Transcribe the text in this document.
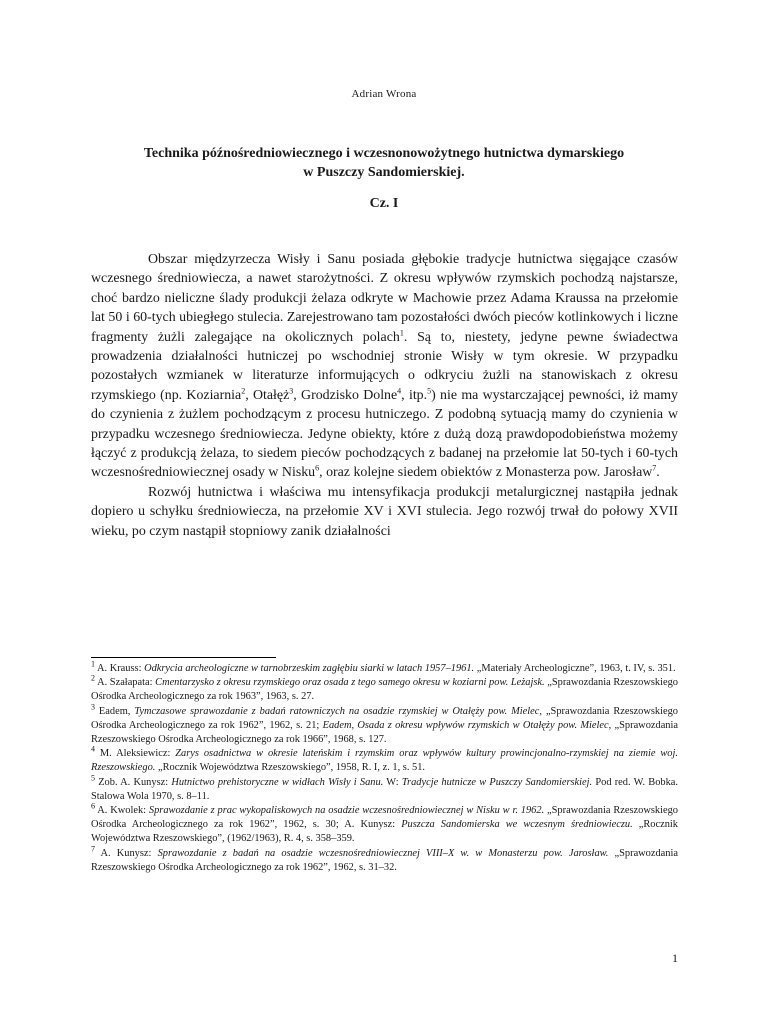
Adrian Wrona
Technika późnośredniowiecznego i wczesnonowożytnego hutnictwa dymarskiego
w Puszczy Sandomierskiej.
Cz. I

Obszar międzyrzecza Wisły i Sanu posiada głębokie tradycje hutnictwa sięgające czasów wczesnego średniowiecza, a nawet starożytności. Z okresu wpływów rzymskich pochodzą najstarsze, choć bardzo nieliczne ślady produkcji żelaza odkryte w Machowie przez Adama Kraussa na przełomie lat 50 i 60-tych ubiegłego stulecia. Zarejestrowano tam pozostałości dwóch pieców kotlinkowych i liczne fragmenty żużli zalegające na okolicznych polach$^1$. Są to, niestety, jedyne pewne świadectwa prowadzenia działalności hutniczej po wschodniej stronie Wisły w tym okresie. W przypadku pozostałych wzmianek w literaturze informujących o odkryciu żużli na stanowiskach z okresu rzymskiego (np. Koziarnia$^2$, Otałęż$^3$, Grodzisko Dolne$^4$, itp.$^5$) nie ma wystarczającej pewności, iż mamy do czynienia z żużlem pochodzącym z procesu hutniczego. Z podobną sytuacją mamy do czynienia w przypadku wczesnego średniowiecza. Jedyne obiekty, które z dużą dozą prawdopodobieństwa możemy łączyć z produkcją żelaza, to siedem pieców pochodzących z badanej na przełomie lat 50-tych i 60-tych wczesnośredniowiecznej osady w Nisku$^6$, oraz kolejne siedem obiektów z Monasterza pow. Jarosław$^7$.

Rozwój hutnictwa i właściwa mu intensyfikacja produkcji metalurgicznej nastąpiła jednak dopiero u schyłku średniowiecza, na przełomie XV i XVI stulecia. Jego rozwój trwał do połowy XVII wieku, po czym nastąpił stopniowy zanik działalności

$^1$ A. Krauss: Odkrycia archeologiczne w tarnobrzeskim zagłębiu siarki w latach 1957–1961. „Materiały Archeologiczne”, 1963, t. IV, s. 351.

$^2$ A. Szałapata: Cmentarzysko z okresu rzymskiego oraz osada z tego samego okresu w koziarni pow. Leżajsk. „Sprawozdania Rzeszowskiego Ośrodka Archeologicznego za rok 1963”, 1963, s. 27.

$^3$ Eadem, Tymczasowe sprawozdanie z badań ratowniczych na osadzie rzymskiej w Otałęży pow. Mielec, „Sprawozdania Rzeszowskiego Ośrodka Archeologicznego za rok 1962”, 1962, s. 21; Eadem, Osada z okresu wpływów rzymskich w Otałęży pow. Mielec, „Sprawozdania Rzeszowskiego Ośrodka Archeologicznego za rok 1966”, 1968, s. 127.

$^4$ M. Aleksiewicz: Zarys osadnictwa w okresie lateńskim i rzymskim oraz wpływów kultury prowincjonalno-rzymskiej na ziemie woj. Rzeszowskiego. „Rocznik Województwa Rzeszowskiego”, 1958, R. I, z. 1, s. 51.

$^5$ Zob. A. Kunysz: Hutnictwo prehistoryczne w widłach Wisły i Sanu. W: Tradycje hutnicze w Puszczy Sandomierskiej. Pod red. W. Bobka. Stalowa Wola 1970, s. 8–11.

$^6$ A. Kwolek: Sprawozdanie z prac wykopaliskowych na osadzie wczesnośredniowiecznej w Nisku w r. 1962. „Sprawozdania Rzeszowskiego Ośrodka Archeologicznego za rok 1962”, 1962, s. 30; A. Kunysz: Puszcza Sandomierska we wczesnym średniowieczu. „Rocznik Województwa Rzeszowskiego”, (1962/1963), R. 4, s. 358–359.

$^7$ A. Kunysz: Sprawozdanie z badań na osadzie wczesnośredniowiecznej VIII–X w. w Monasterzu pow. Jarosław. „Sprawozdania Rzeszowskiego Ośrodka Archeologicznego za rok 1962”, 1962, s. 31–32.

1
